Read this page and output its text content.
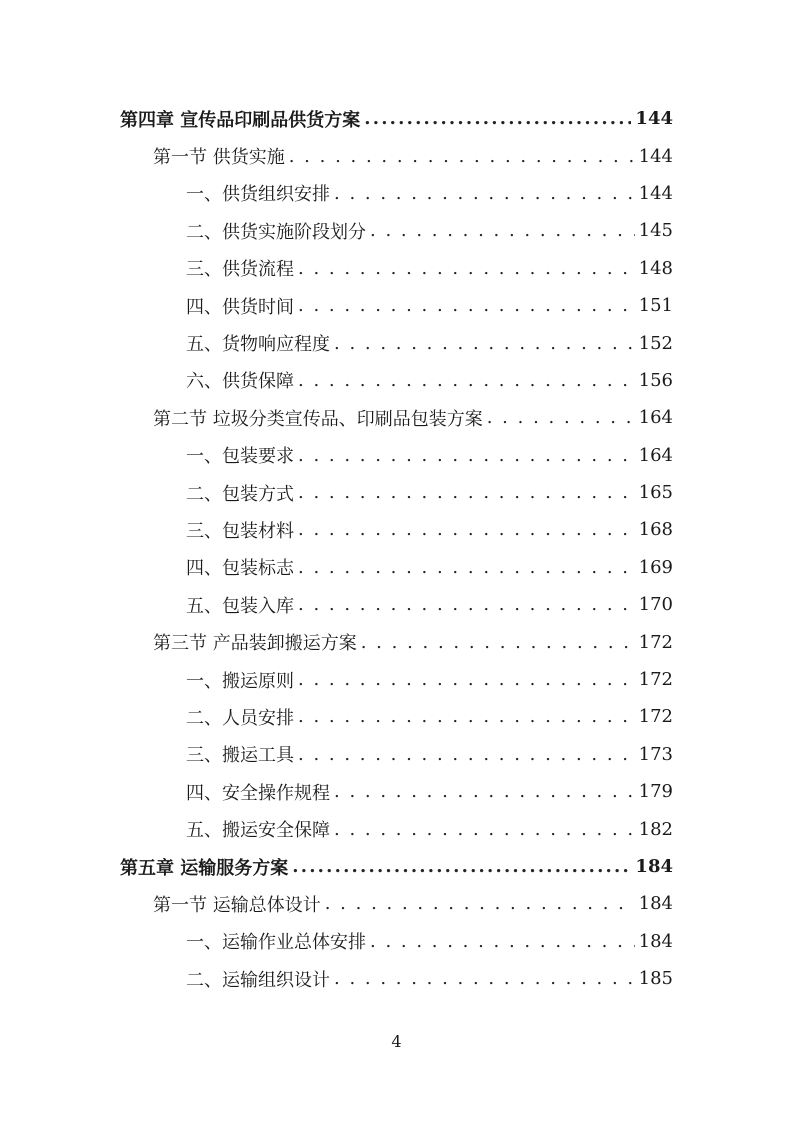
第四章 宣传品印刷品供货方案 .....	144
第一节 供货实施 . . .	144
一、供货组织安排 . . .	144
二、供货实施阶段划分 . . .	145
三、供货流程 . . .	148
四、供货时间 . . .	151
五、货物响应程度 . . .	152
六、供货保障 . . .	156
第二节 垃圾分类宣传品、印刷品包装方案 . . .	164
一、包装要求 . . .	164
二、包装方式 . . .	165
三、包装材料 . . .	168
四、包装标志 . . .	169
五、包装入库 . . .	170
第三节 产品装卸搬运方案 . . .	172
一、搬运原则 . . .	172
二、人员安排 . . .	172
三、搬运工具 . . .	173
四、安全操作规程 . . .	179
五、搬运安全保障 . . .	182
第五章 运输服务方案 .....	184
第一节 运输总体设计 . . .	184
一、运输作业总体安排 . . .	184
二、运输组织设计 . . .	185
4
